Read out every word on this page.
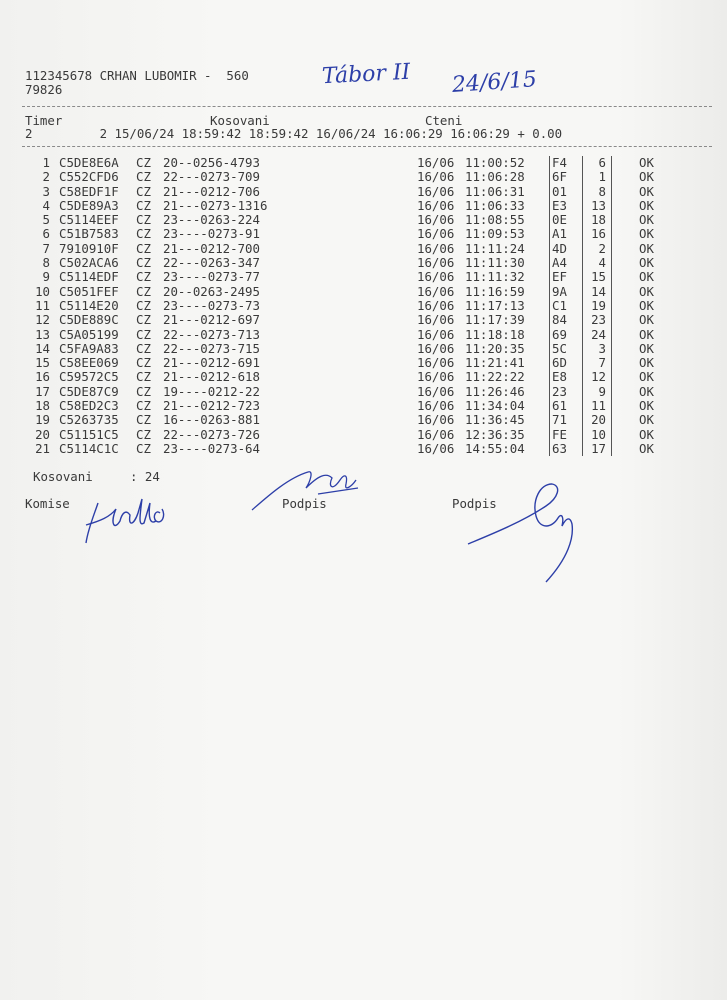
112345678 CRHAN LUBOMIR -  560
79826
Tábor II 24/6/15
Timer	Kosovani	Cteni
2         2 15/06/24 18:59:42 18:59:42 16/06/24 16:06:29 16:06:29 + 0.00
1 C5DE8E6A CZ 20--0256-4793	16/06 11:00:52 F4	6	OK
2 C552CFD6 CZ 22---0273-709	16/06 11:06:28 6F	1	OK
3 C58EDF1F CZ 21---0212-706	16/06 11:06:31 01	8	OK
4 C5DE89A3 CZ 21---0273-1316	16/06 11:06:33 E3	13	OK
5 C5114EEF CZ 23---0263-224	16/06 11:08:55 0E	18	OK
6 C51B7583 CZ 23----0273-91	16/06 11:09:53 A1	16	OK
7 7910910F CZ 21---0212-700	16/06 11:11:24 4D	2	OK
8 C502ACA6 CZ 22---0263-347	16/06 11:11:30 A4	4	OK
9 C5114EDF CZ 23----0273-77	16/06 11:11:32 EF	15	OK
10 C5051FEF CZ 20--0263-2495	16/06 11:16:59 9A	14	OK
11 C5114E20 CZ 23----0273-73	16/06 11:17:13 C1	19	OK
12 C5DE889C CZ 21---0212-697	16/06 11:17:39 84	23	OK
13 C5A05199 CZ 22---0273-713	16/06 11:18:18 69	24	OK
14 C5FA9A83 CZ 22---0273-715	16/06 11:20:35 5C	3	OK
15 C58EE069 CZ 21---0212-691	16/06 11:21:41 6D	7	OK
16 C59572C5 CZ 21---0212-618	16/06 11:22:22 E8	12	OK
17 C5DE87C9 CZ 19----0212-22	16/06 11:26:46 23	9	OK
18 C58ED2C3 CZ 21---0212-723	16/06 11:34:04 61	11	OK
19 C5263735 CZ 16---0263-881	16/06 11:36:45 71	20	OK
20 C51151C5 CZ 22---0273-726	16/06 12:36:35 FE	10	OK
21 C5114C1C CZ 23----0273-64	16/06 14:55:04 63	17	OK
Kosovani     : 24
Komise	Podpis	Podpis
